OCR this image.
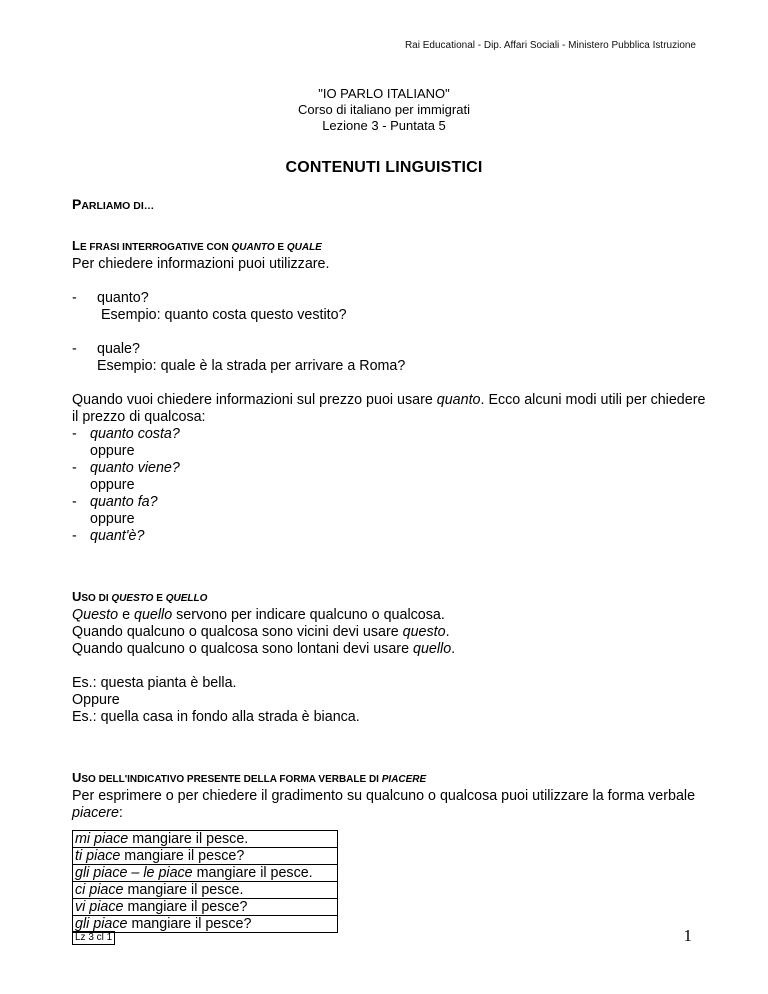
Rai Educational - Dip. Affari Sociali - Ministero Pubblica Istruzione
"IO PARLO ITALIANO"
Corso di italiano per immigrati
Lezione 3 - Puntata 5
CONTENUTI LINGUISTICI

PARLIAMO DI…

LE FRASI INTERROGATIVE CON QUANTO E QUALE

Per chiedere informazioni puoi utilizzare.

-	quanto?
Esempio: quanto costa questo vestito?
-	quale?
Esempio: quale è la strada per arrivare a Roma?

Quando vuoi chiedere informazioni sul prezzo puoi usare quanto. Ecco alcuni modi utili per chiedere il prezzo di qualcosa:

- quanto costa?
oppure
- quanto viene?
oppure
- quanto fa?
oppure
- quant'è?

USO DI QUESTO E QUELLO

Questo e quello servono per indicare qualcuno o qualcosa.

Quando qualcuno o qualcosa sono vicini devi usare questo.

Quando qualcuno o qualcosa sono lontani devi usare quello.

Es.: questa pianta è bella.

Oppure

Es.: quella casa in fondo alla strada è bianca.

USO DELL'INDICATIVO PRESENTE DELLA FORMA VERBALE DI PIACERE

Per esprimere o per chiedere il gradimento su qualcuno o qualcosa puoi utilizzare la forma verbale piacere:

mi piace mangiare il pesce.
ti piace mangiare il pesce?
gli piace – le piace mangiare il pesce.
ci piace mangiare il pesce.
vi piace mangiare il pesce?
gli piace mangiare il pesce?
Lz 3 cl 1	1
